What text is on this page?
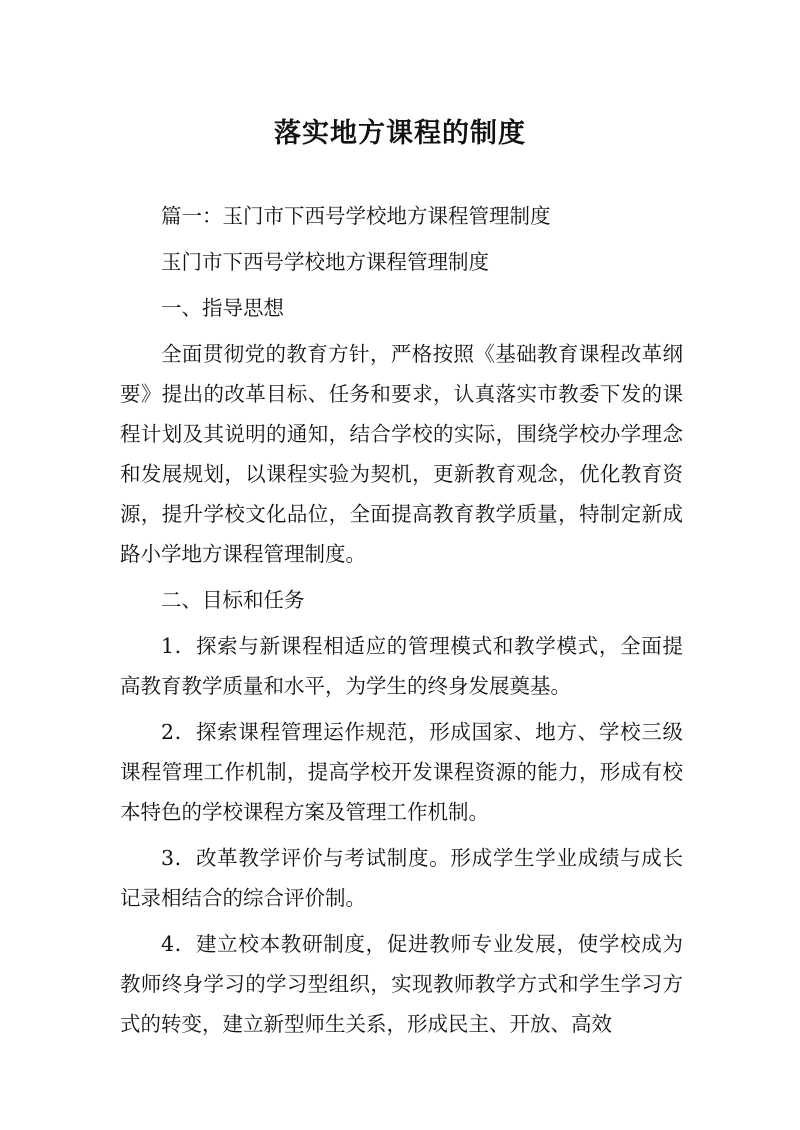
落实地方课程的制度

篇一：玉门市下西号学校地方课程管理制度

玉门市下西号学校地方课程管理制度

一、指导思想

全面贯彻党的教育方针，严格按照《基础教育课程改革纲要》提出的改革目标、任务和要求，认真落实市教委下发的课程计划及其说明的通知，结合学校的实际，围绕学校办学理念和发展规划，以课程实验为契机，更新教育观念，优化教育资源，提升学校文化品位，全面提高教育教学质量，特制定新成路小学地方课程管理制度。

二、目标和任务

1．探索与新课程相适应的管理模式和教学模式，全面提高教育教学质量和水平，为学生的终身发展奠基。

2．探索课程管理运作规范，形成国家、地方、学校三级课程管理工作机制，提高学校开发课程资源的能力，形成有校本特色的学校课程方案及管理工作机制。

3．改革教学评价与考试制度。形成学生学业成绩与成长记录相结合的综合评价制。

4．建立校本教研制度，促进教师专业发展，使学校成为教师终身学习的学习型组织，实现教师教学方式和学生学习方式的转变，建立新型师生关系，形成民主、开放、高效
